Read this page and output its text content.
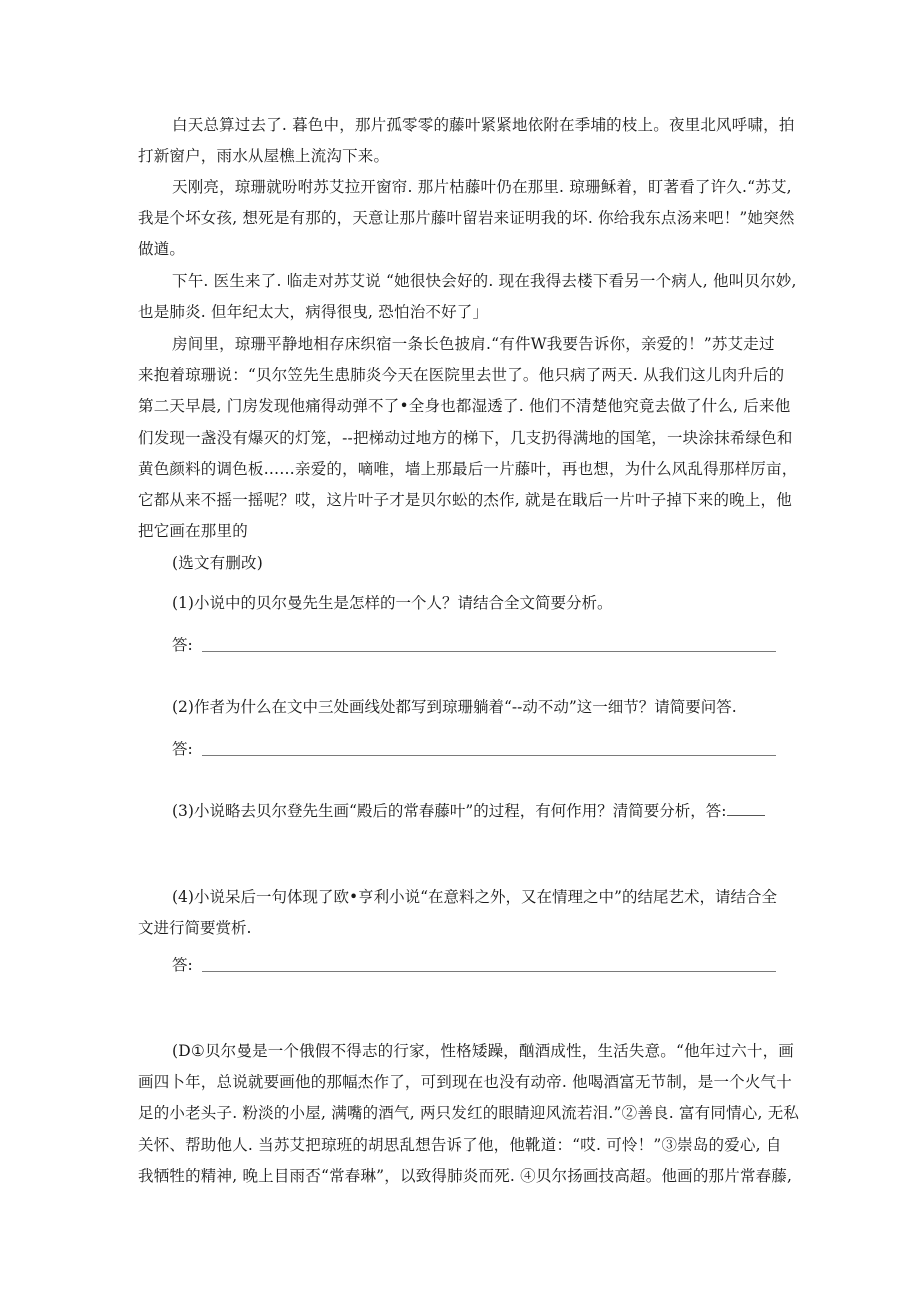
白天总算过去了. 暮色中，那片孤零零的藤叶紧紧地依附在季埔的枝上。夜里北风呼啸，拍
打新窗户，雨水从屋樵上流沟下来。
天刚亮，琼珊就吩咐苏艾拉开窗帘. 那片枯藤叶仍在那里. 琼珊稣着，盯著看了许久.“苏艾,
我是个坏女孩, 想死是有那的，天意让那片藤叶留岩来证明我的坏. 你给我东点汤来吧！”她突然
做遒。
下午. 医生来了. 临走对苏艾说 “她很快会好的. 现在我得去楼下看另一个病人, 他叫贝尔妙,
也是肺炎. 但年纪太大，病得很曳, 恐怕治不好了」
房间里，琼珊平静地相存床织宿一条长色披肩.“有件W我要告诉你，亲爱的！”苏艾走过
来抱着琼珊说：“贝尔笠先生患肺炎今天在医院里去世了。他只病了两天. 从我们这儿肉升后的
第二天早晨, 门房发现他痛得动弹不了•全身也都湿透了. 他们不清楚他究竟去做了什么, 后来他
们发现一盏没有爆灭的灯笼，--把梯动过地方的梯下，几支扔得满地的国笔，一块涂抹希绿色和
黄色颜料的调色板……亲爱的，嘀唯，墙上那最后一片藤叶，再也想，为什么风乱得那样厉亩，
它都从来不摇一摇呢？哎，这片叶子才是贝尔蚣的杰作, 就是在戢后一片叶子掉下来的晚上，他
把它画在那里的
(选文有删改)
(1)小说中的贝尔曼先生是怎样的一个人？请结合全文简要分析。
答:
(2)作者为什么在文中三处画线处都写到琼珊躺着“--动不动”这一细节？请简要问答.
答:
(3)小说略去贝尔登先生画“殿后的常春藤叶”的过程，有何作用？清简要分析，答:
(4)小说呆后一句体现了欧•亨利小说“在意料之外，又在情理之中”的结尾艺术，请结合全
文进行简要赏析.
答:
(D①贝尔曼是一个俄假不得志的行家，性格矮躁，酗酒成性，生活失意。“他年过六十，画
画四卜年，总说就要画他的那幅杰作了，可到现在也没有动帝. 他喝酒富无节制，是一个火气十
足的小老头子. 粉淡的小屋, 满嘴的酒气, 两只发红的眼睛迎风流若泪.”②善良. 富有同情心, 无私
关怀、帮助他人. 当苏艾把琼班的胡思乱想告诉了他，他靴道：“哎. 可怜！”③崇岛的爱心, 自
我牺牲的精神, 晚上目雨否“常春琳”，以致得肺炎而死. ④贝尔扬画技高超。他画的那片常春藤,
